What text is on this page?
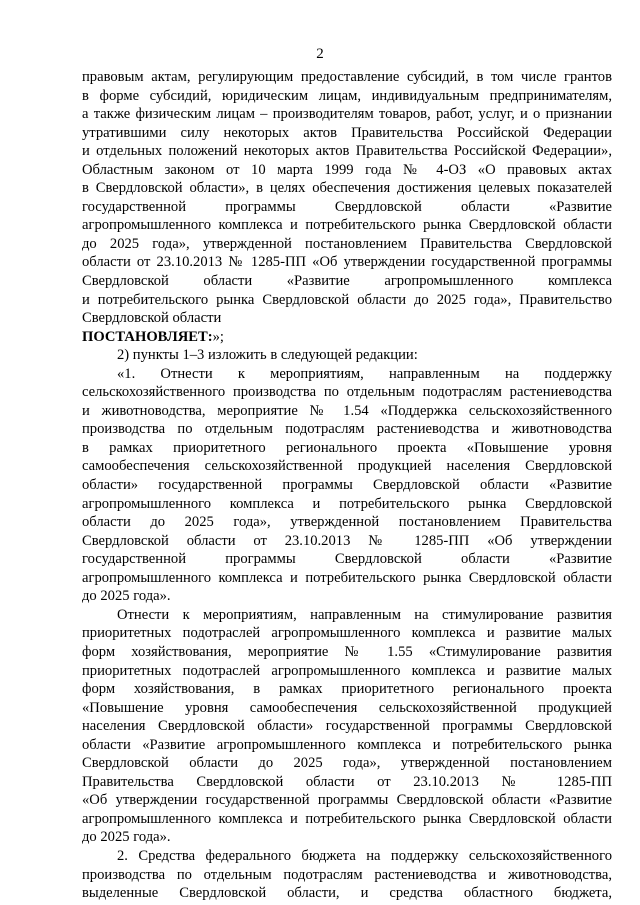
2
правовым актам, регулирующим предоставление субсидий, в том числе грантов
в форме субсидий, юридическим лицам, индивидуальным предпринимателям,
а также физическим лицам – производителям товаров, работ, услуг, и о признании
утратившими силу некоторых актов Правительства Российской Федерации
и отдельных положений некоторых актов Правительства Российской Федерации»,
Областным законом от 10 марта 1999 года № 4-ОЗ «О правовых актах
в Свердловской области», в целях обеспечения достижения целевых показателей
государственной программы Свердловской области «Развитие
агропромышленного комплекса и потребительского рынка Свердловской области
до 2025 года», утвержденной постановлением Правительства Свердловской
области от 23.10.2013 № 1285-ПП «Об утверждении государственной программы
Свердловской области «Развитие агропромышленного комплекса
и потребительского рынка Свердловской области до 2025 года», Правительство
Свердловской области
ПОСТАНОВЛЯЕТ:»;
2) пункты 1–3 изложить в следующей редакции:
«1. Отнести к мероприятиям, направленным на поддержку
сельскохозяйственного производства по отдельным подотраслям растениеводства
и животноводства, мероприятие № 1.54 «Поддержка сельскохозяйственного
производства по отдельным подотраслям растениеводства и животноводства
в рамках приоритетного регионального проекта «Повышение уровня
самообеспечения сельскохозяйственной продукцией населения Свердловской
области» государственной программы Свердловской области «Развитие
агропромышленного комплекса и потребительского рынка Свердловской
области до 2025 года», утвержденной постановлением Правительства
Свердловской области от 23.10.2013 № 1285-ПП «Об утверждении
государственной программы Свердловской области «Развитие
агропромышленного комплекса и потребительского рынка Свердловской области
до 2025 года».
Отнести к мероприятиям, направленным на стимулирование развития
приоритетных подотраслей агропромышленного комплекса и развитие малых
форм хозяйствования, мероприятие № 1.55 «Стимулирование развития
приоритетных подотраслей агропромышленного комплекса и развитие малых
форм хозяйствования, в рамках приоритетного регионального проекта
«Повышение уровня самообеспечения сельскохозяйственной продукцией
населения Свердловской области» государственной программы Свердловской
области «Развитие агропромышленного комплекса и потребительского рынка
Свердловской области до 2025 года», утвержденной постановлением
Правительства Свердловской области от 23.10.2013 № 1285-ПП
«Об утверждении государственной программы Свердловской области «Развитие
агропромышленного комплекса и потребительского рынка Свердловской области
до 2025 года».
2. Средства федерального бюджета на поддержку сельскохозяйственного
производства по отдельным подотраслям растениеводства и животноводства,
выделенные Свердловской области, и средства областного бюджета,
